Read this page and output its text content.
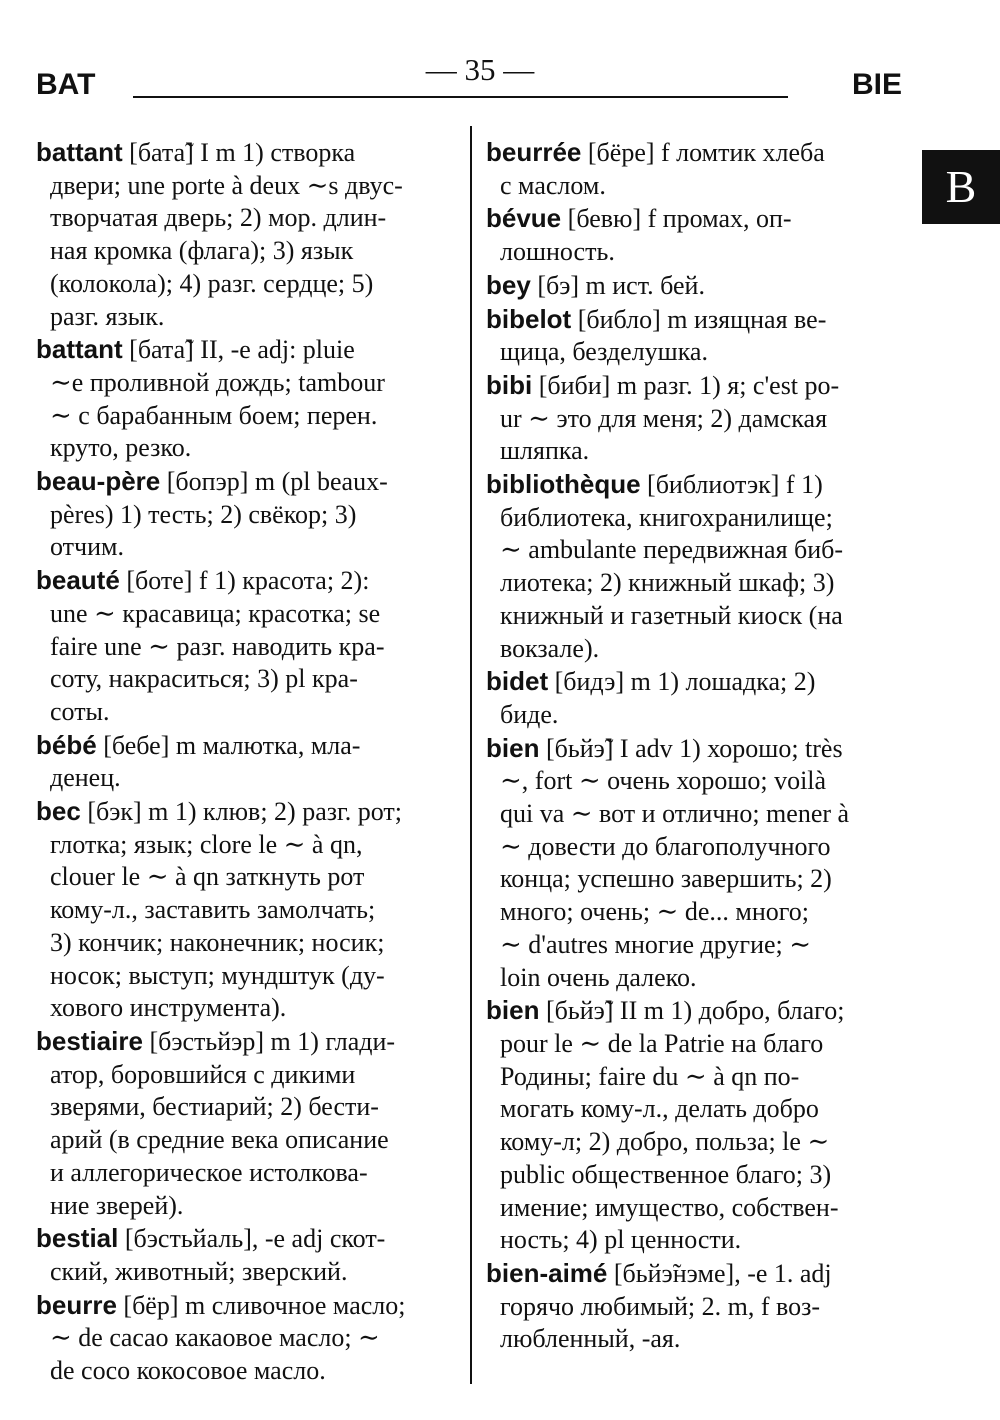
BAT	— 35 —	BIE
B
battant [бата̃] I m 1) створка
двери; une porte à deux ∼s двус-
творчатая дверь; 2) мор. длин-
ная кромка (флага); 3) язык
(колокола); 4) разг. сердце; 5)
разг. язык.
battant [бата̃] II, -e adj: pluie
∼e проливной дождь; tambour
∼ с барабанным боем; перен.
круто, резко.
beau-père [бопэр] m (pl beaux-
pères) 1) тесть; 2) свёкор; 3)
отчим.
beauté [боте] f 1) красота; 2):
une ∼ красавица; красотка; se
faire une ∼ разг. наводить кра-
соту, накраситься; 3) pl кра-
соты.
bébé [бебе] m малютка, мла-
денец.
bec [бэк] m 1) клюв; 2) разг. рот;
глотка; язык; clore le ∼ à qn,
clouer le ∼ à qn заткнуть рот
кому-л., заставить замолчать;
3) кончик; наконечник; носик;
носок; выступ; мундштук (ду-
хового инструмента).
bestiaire [бэстьйэр] m 1) глади-
атор, боровшийся с дикими
зверями, бестиарий; 2) бести-
арий (в средние века описание
и аллегорическое истолкова-
ние зверей).
bestial [бэстьйаль], -e adj скот-
ский, животный; зверский.
beurre [бёр] m сливочное масло;
∼ de cacao какаовое масло; ∼
de coco кокосовое масло.
beurrée [бёре] f ломтик хлеба
с маслом.
bévue [бевю] f промах, оп-
лошность.
bey [бэ] m ист. бей.
bibelot [библо] m изящная ве-
щица, безделушка.
bibi [биби] m разг. 1) я; c'est po-
ur ∼ это для меня; 2) дамская
шляпка.
bibliothèque [библиотэк] f 1)
библиотека, книгохранилище;
∼ ambulante передвижная биб-
лиотека; 2) книжный шкаф; 3)
книжный и газетный киоск (на
вокзале).
bidet [бидэ] m 1) лошадка; 2)
биде.
bien [бьйэ̃] I adv 1) хорошо; très
∼, fort ∼ очень хорошо; voilà
qui va ∼ вот и отлично; mener à
∼ довести до благополучного
конца; успешно завершить; 2)
много; очень; ∼ de... много;
∼ d'autres многие другие; ∼
loin очень далеко.
bien [бьйэ̃] II m 1) добро, благо;
pour le ∼ de la Patrie на благо
Родины; faire du ∼ à qn по-
могать кому-л., делать добро
кому-л; 2) добро, польза; le ∼
public общественное благо; 3)
имение; имущество, собствен-
ность; 4) pl ценности.
bien-aimé [бьйэ̃нэме], -e 1. adj
горячо любимый; 2. m, f воз-
любленный, -ая.
